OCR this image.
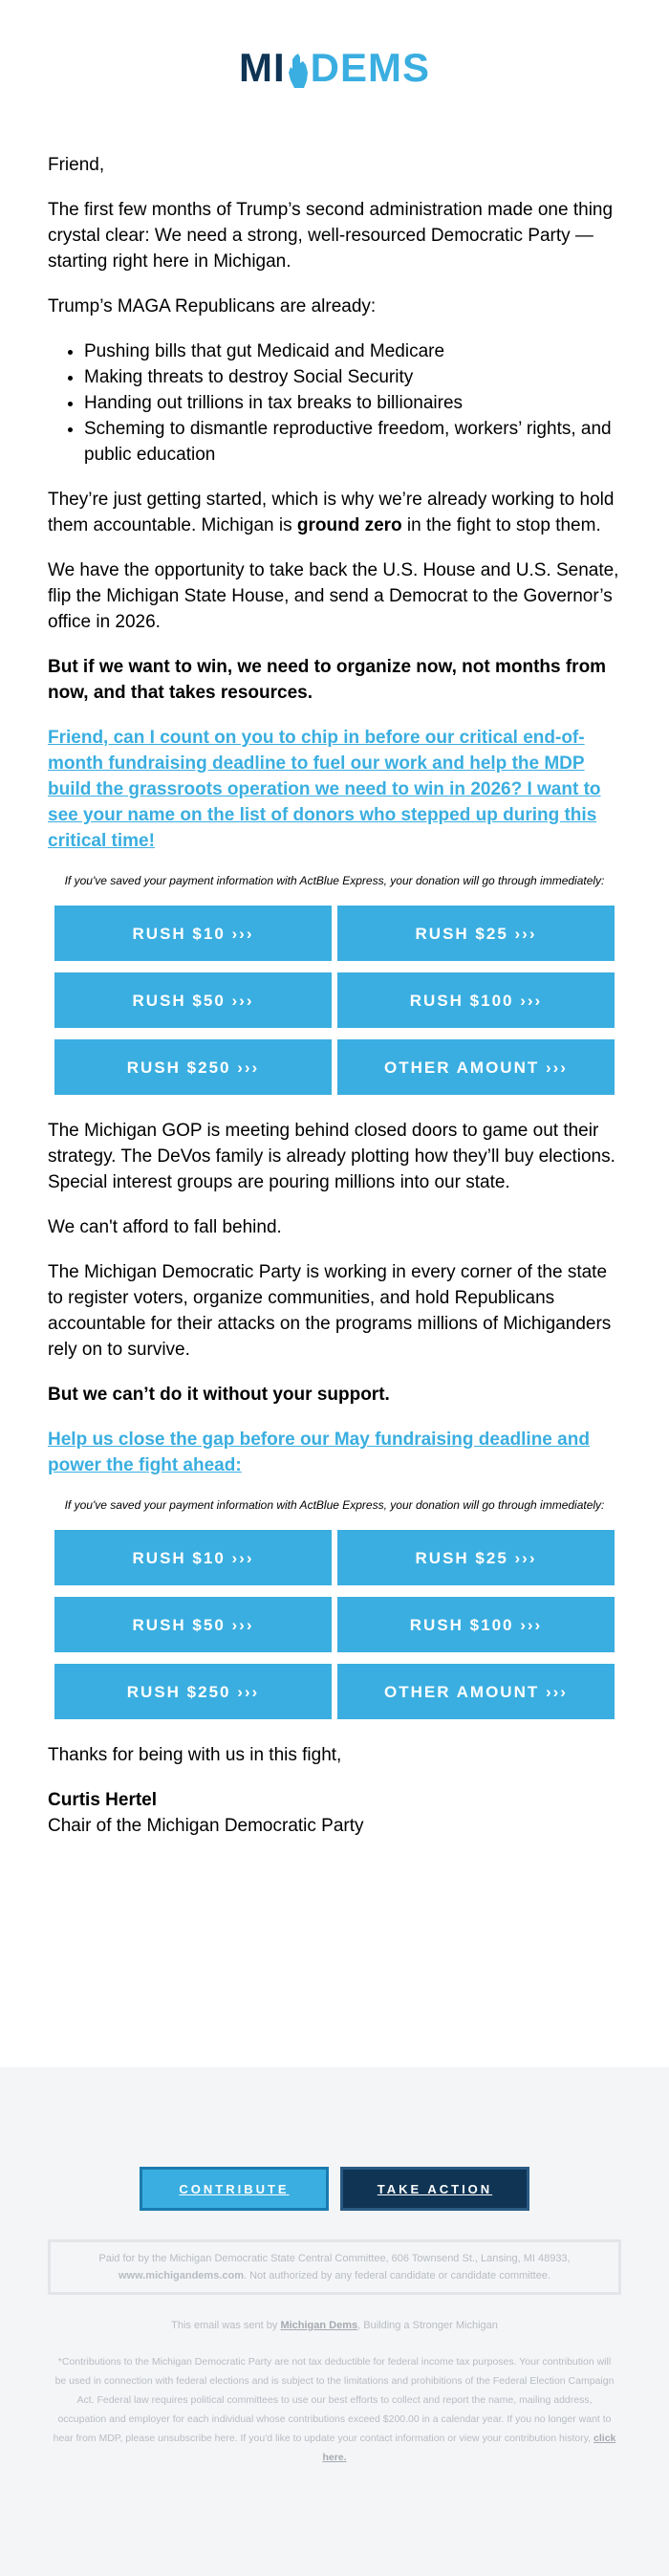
MI DEMS

Friend,

The first few months of Trump’s second administration made one thing crystal clear: We need a strong, well-resourced Democratic Party — starting right here in Michigan.

Trump’s MAGA Republicans are already:

• Pushing bills that gut Medicaid and Medicare
• Making threats to destroy Social Security
• Handing out trillions in tax breaks to billionaires
• Scheming to dismantle reproductive freedom, workers’ rights, and public education

They’re just getting started, which is why we’re already working to hold them accountable. Michigan is ground zero in the fight to stop them.

We have the opportunity to take back the U.S. House and U.S. Senate, flip the Michigan State House, and send a Democrat to the Governor’s office in 2026.

But if we want to win, we need to organize now, not months from now, and that takes resources.

Friend, can I count on you to chip in before our critical end-of-month fundraising deadline to fuel our work and help the MDP build the grassroots operation we need to win in 2026? I want to see your name on the list of donors who stepped up during this critical time!
If you've saved your payment information with ActBlue Express, your donation will go through immediately:
RUSH $10 ›››	RUSH $25 ›››
RUSH $50 ›››	RUSH $100 ›››
RUSH $250 ›››	OTHER AMOUNT ›››

The Michigan GOP is meeting behind closed doors to game out their strategy. The DeVos family is already plotting how they’ll buy elections. Special interest groups are pouring millions into our state.

We can't afford to fall behind.

The Michigan Democratic Party is working in every corner of the state to register voters, organize communities, and hold Republicans accountable for their attacks on the programs millions of Michiganders rely on to survive.

But we can’t do it without your support.

Help us close the gap before our May fundraising deadline and power the fight ahead:
If you've saved your payment information with ActBlue Express, your donation will go through immediately:
RUSH $10 ›››	RUSH $25 ›››
RUSH $50 ›››	RUSH $100 ›››
RUSH $250 ›››	OTHER AMOUNT ›››

Thanks for being with us in this fight,

Curtis Hertel

Chair of the Michigan Democratic Party

CONTRIBUTE	TAKE ACTION
Paid for by the Michigan Democratic State Central Committee, 606 Townsend St., Lansing, MI 48933,
www.michigandems.com. Not authorized by any federal candidate or candidate committee.
This email was sent by Michigan Dems, Building a Stronger Michigan
*Contributions to the Michigan Democratic Party are not tax deductible for federal income tax purposes. Your contribution will be used in connection with federal elections and is subject to the limitations and prohibitions of the Federal Election Campaign Act. Federal law requires political committees to use our best efforts to collect and report the name, mailing address, occupation and employer for each individual whose contributions exceed $200.00 in a calendar year. If you no longer want to hear from MDP, please unsubscribe here. If you'd like to update your contact information or view your contribution history, click here.
